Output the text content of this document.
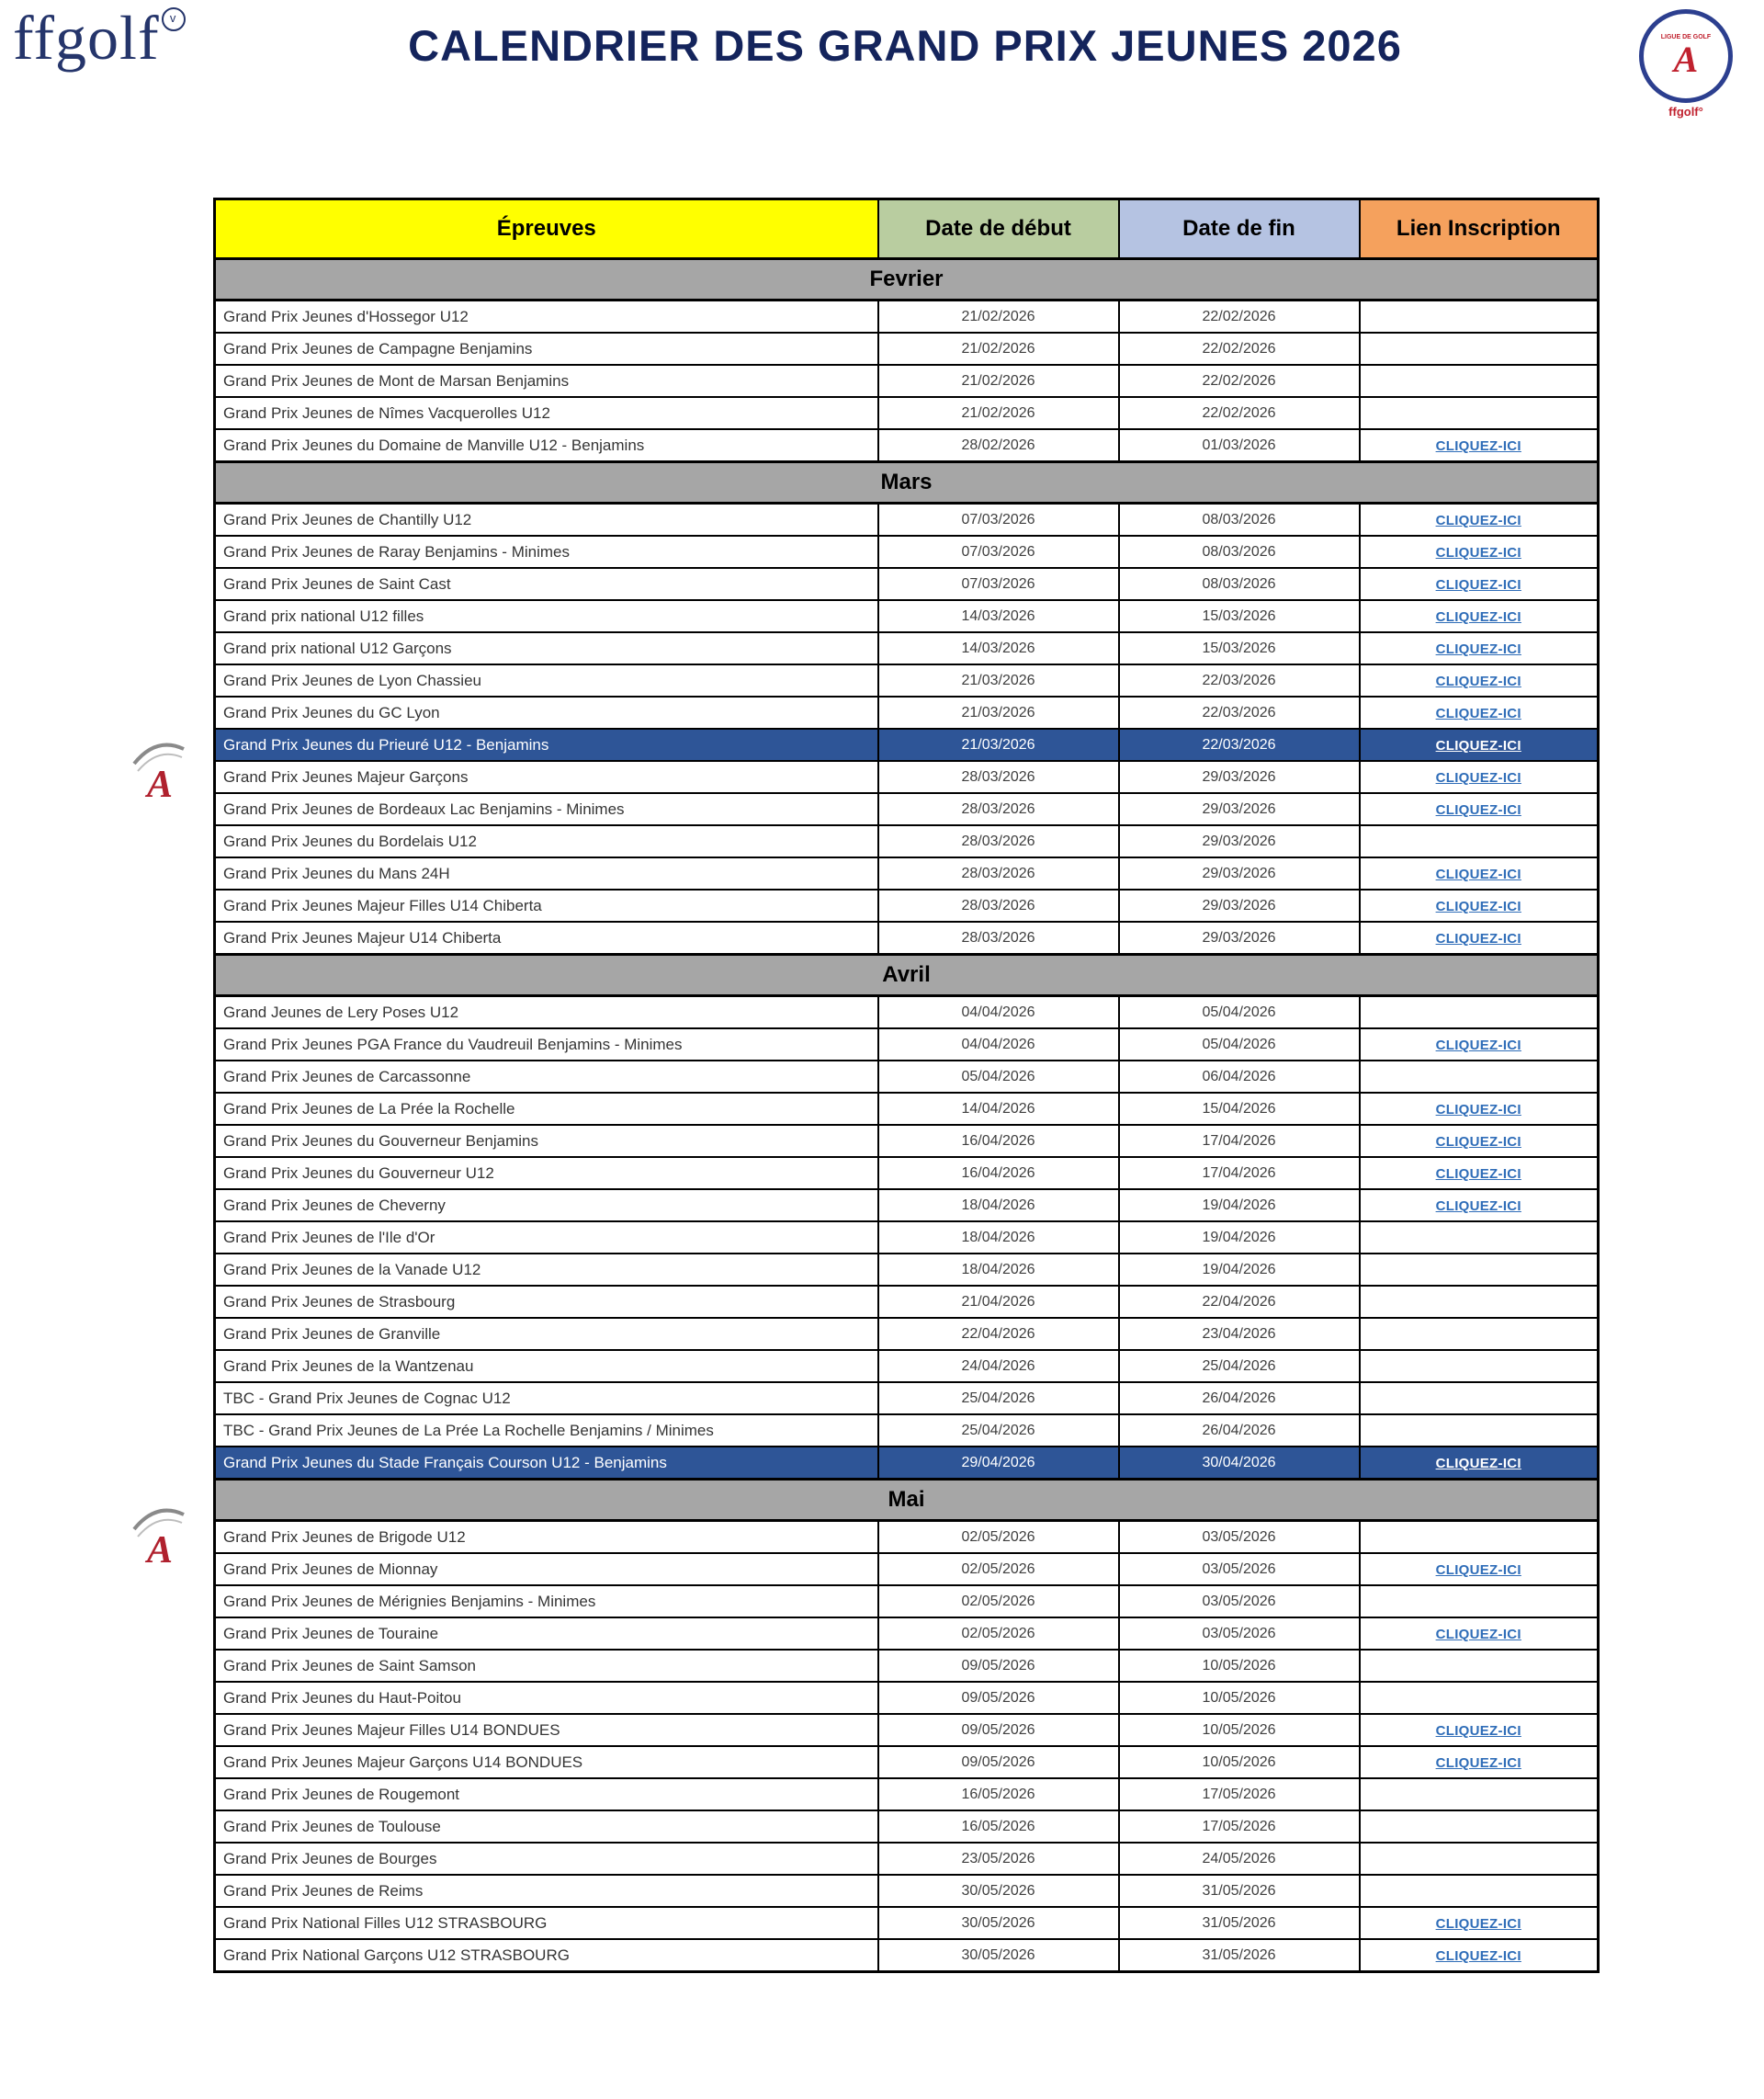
ffgolf v
CALENDRIER DES GRAND PRIX JEUNES 2026	LIGUE DE GOLF
A
ffgolf°
A
A
Épreuves	Date de début	Date de fin	Lien Inscription
Fevrier			
Grand Prix Jeunes d'Hossegor U12	21/02/2026	22/02/2026	
Grand Prix Jeunes de Campagne Benjamins	21/02/2026	22/02/2026	
Grand Prix Jeunes de Mont de Marsan Benjamins	21/02/2026	22/02/2026	
Grand Prix Jeunes de Nîmes Vacquerolles U12	21/02/2026	22/02/2026	
Grand Prix Jeunes du Domaine de Manville U12 - Benjamins	28/02/2026	01/03/2026	CLIQUEZ-ICI
Mars			
Grand Prix Jeunes de Chantilly U12	07/03/2026	08/03/2026	CLIQUEZ-ICI
Grand Prix Jeunes de Raray Benjamins - Minimes	07/03/2026	08/03/2026	CLIQUEZ-ICI
Grand Prix Jeunes de Saint Cast	07/03/2026	08/03/2026	CLIQUEZ-ICI
Grand prix national U12 filles	14/03/2026	15/03/2026	CLIQUEZ-ICI
Grand prix national U12 Garçons	14/03/2026	15/03/2026	CLIQUEZ-ICI
Grand Prix Jeunes de Lyon Chassieu	21/03/2026	22/03/2026	CLIQUEZ-ICI
Grand Prix Jeunes du GC Lyon	21/03/2026	22/03/2026	CLIQUEZ-ICI
Grand Prix Jeunes du Prieuré U12 - Benjamins	21/03/2026	22/03/2026	CLIQUEZ-ICI
Grand Prix Jeunes Majeur Garçons	28/03/2026	29/03/2026	CLIQUEZ-ICI
Grand Prix Jeunes de Bordeaux Lac Benjamins - Minimes	28/03/2026	29/03/2026	CLIQUEZ-ICI
Grand Prix Jeunes du Bordelais U12	28/03/2026	29/03/2026	
Grand Prix Jeunes du Mans 24H	28/03/2026	29/03/2026	CLIQUEZ-ICI
Grand Prix Jeunes Majeur Filles U14 Chiberta	28/03/2026	29/03/2026	CLIQUEZ-ICI
Grand Prix Jeunes Majeur U14 Chiberta	28/03/2026	29/03/2026	CLIQUEZ-ICI
Avril			
Grand Jeunes de Lery Poses U12	04/04/2026	05/04/2026	
Grand Prix Jeunes PGA France du Vaudreuil Benjamins - Minimes	04/04/2026	05/04/2026	CLIQUEZ-ICI
Grand Prix Jeunes de Carcassonne	05/04/2026	06/04/2026	
Grand Prix Jeunes de La Prée la Rochelle	14/04/2026	15/04/2026	CLIQUEZ-ICI
Grand Prix Jeunes du Gouverneur Benjamins	16/04/2026	17/04/2026	CLIQUEZ-ICI
Grand Prix Jeunes du Gouverneur U12	16/04/2026	17/04/2026	CLIQUEZ-ICI
Grand Prix Jeunes de Cheverny	18/04/2026	19/04/2026	CLIQUEZ-ICI
Grand Prix Jeunes de l'Ile d'Or	18/04/2026	19/04/2026	
Grand Prix Jeunes de la Vanade U12	18/04/2026	19/04/2026	
Grand Prix Jeunes de Strasbourg	21/04/2026	22/04/2026	
Grand Prix Jeunes de Granville	22/04/2026	23/04/2026	
Grand Prix Jeunes de la Wantzenau	24/04/2026	25/04/2026	
TBC - Grand Prix Jeunes de Cognac U12	25/04/2026	26/04/2026	
TBC - Grand Prix Jeunes de La Prée La Rochelle Benjamins / Minimes	25/04/2026	26/04/2026	
Grand Prix Jeunes du Stade Français Courson U12 - Benjamins	29/04/2026	30/04/2026	CLIQUEZ-ICI
Mai			
Grand Prix Jeunes de Brigode U12	02/05/2026	03/05/2026	
Grand Prix Jeunes de Mionnay	02/05/2026	03/05/2026	CLIQUEZ-ICI
Grand Prix Jeunes de Mérignies Benjamins - Minimes	02/05/2026	03/05/2026	
Grand Prix Jeunes de Touraine	02/05/2026	03/05/2026	CLIQUEZ-ICI
Grand Prix Jeunes de Saint Samson	09/05/2026	10/05/2026	
Grand Prix Jeunes du Haut-Poitou	09/05/2026	10/05/2026	
Grand Prix Jeunes Majeur Filles U14 BONDUES	09/05/2026	10/05/2026	CLIQUEZ-ICI
Grand Prix Jeunes Majeur Garçons U14 BONDUES	09/05/2026	10/05/2026	CLIQUEZ-ICI
Grand Prix Jeunes de Rougemont	16/05/2026	17/05/2026	
Grand Prix Jeunes de Toulouse	16/05/2026	17/05/2026	
Grand Prix Jeunes de Bourges	23/05/2026	24/05/2026	
Grand Prix Jeunes de Reims	30/05/2026	31/05/2026	
Grand Prix National Filles U12 STRASBOURG	30/05/2026	31/05/2026	CLIQUEZ-ICI
Grand Prix National Garçons U12 STRASBOURG	30/05/2026	31/05/2026	CLIQUEZ-ICI
